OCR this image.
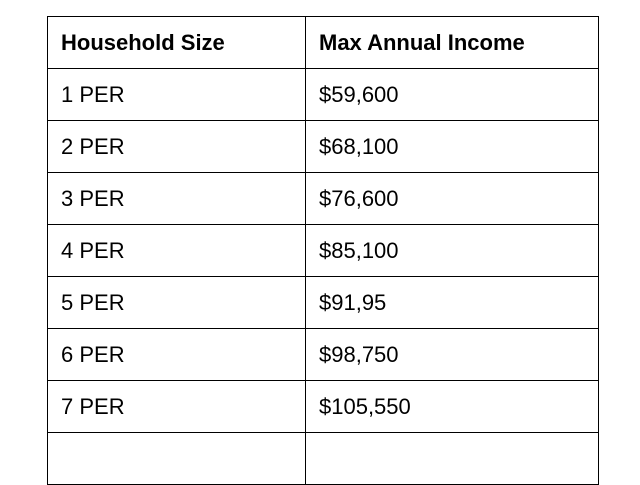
Household Size	Max Annual Income
1 PER	$59,600
2 PER	$68,100
3 PER	$76,600
4 PER	$85,100
5 PER	$91,95
6 PER	$98,750
7 PER	$105,550
